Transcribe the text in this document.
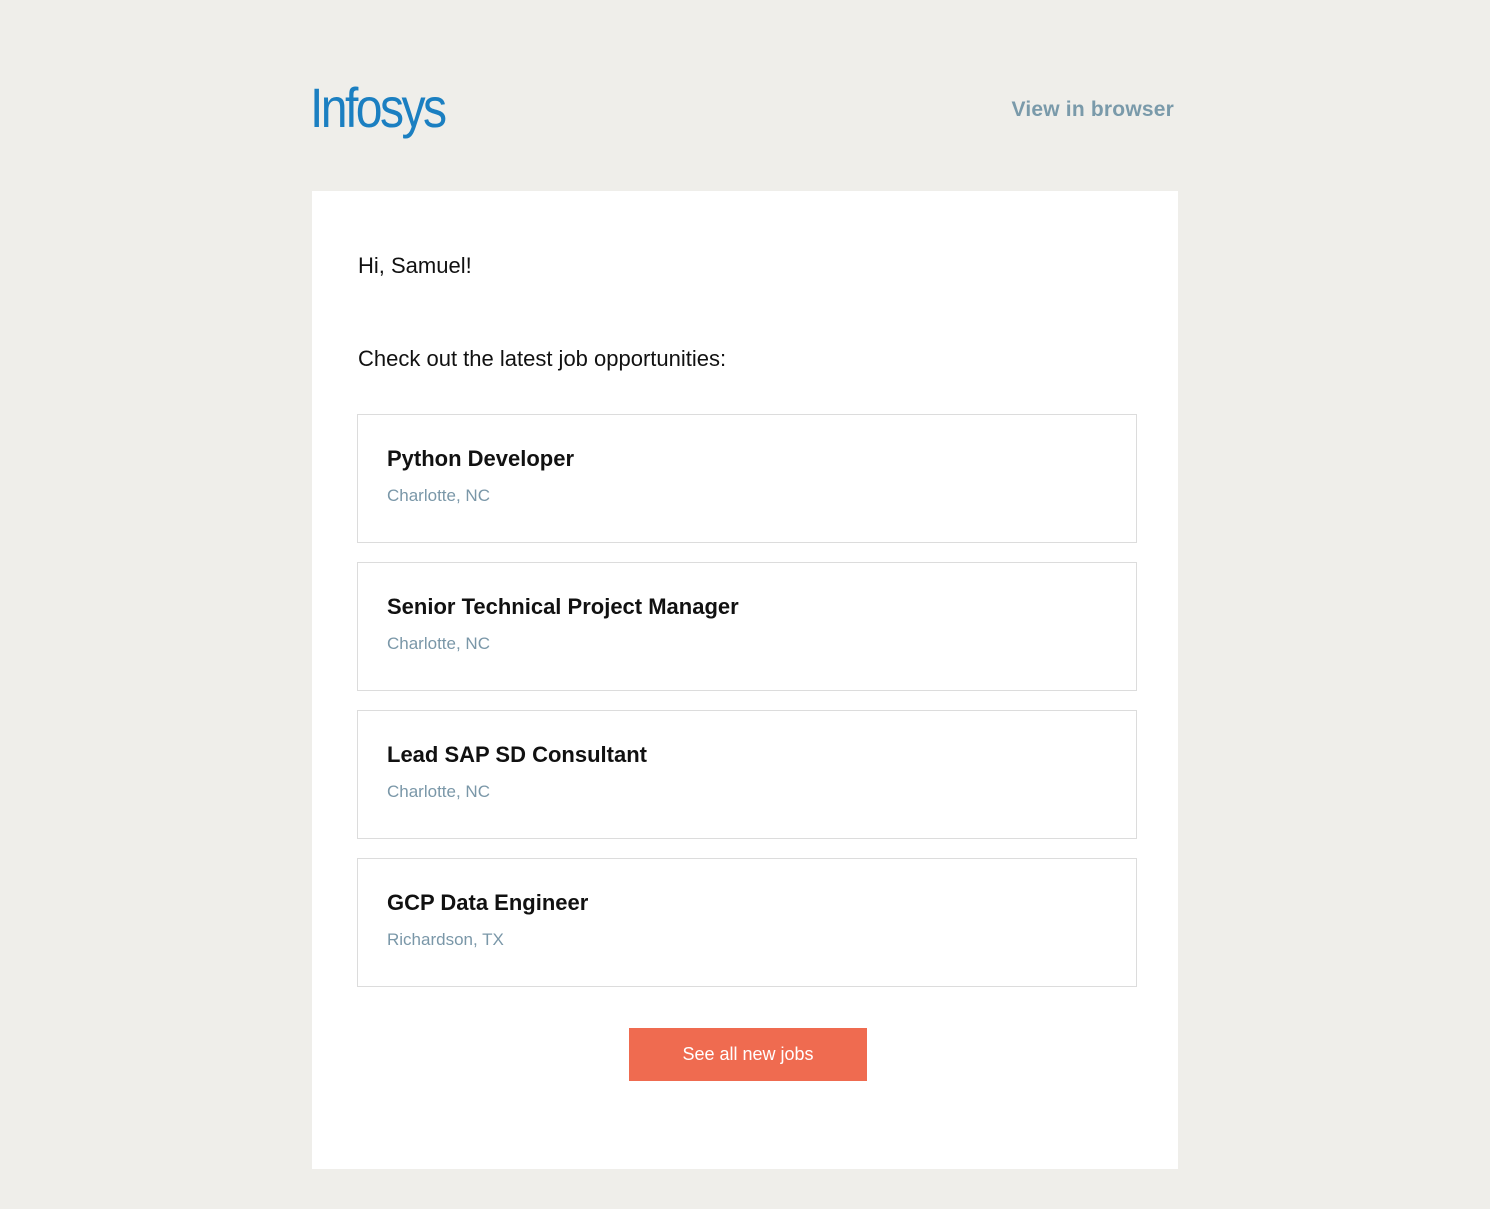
Infosys	View in browser
Hi, Samuel!
Check out the latest job opportunities:
Python Developer
Charlotte, NC
Senior Technical Project Manager
Charlotte, NC
Lead SAP SD Consultant
Charlotte, NC
GCP Data Engineer
Richardson, TX
See all new jobs
